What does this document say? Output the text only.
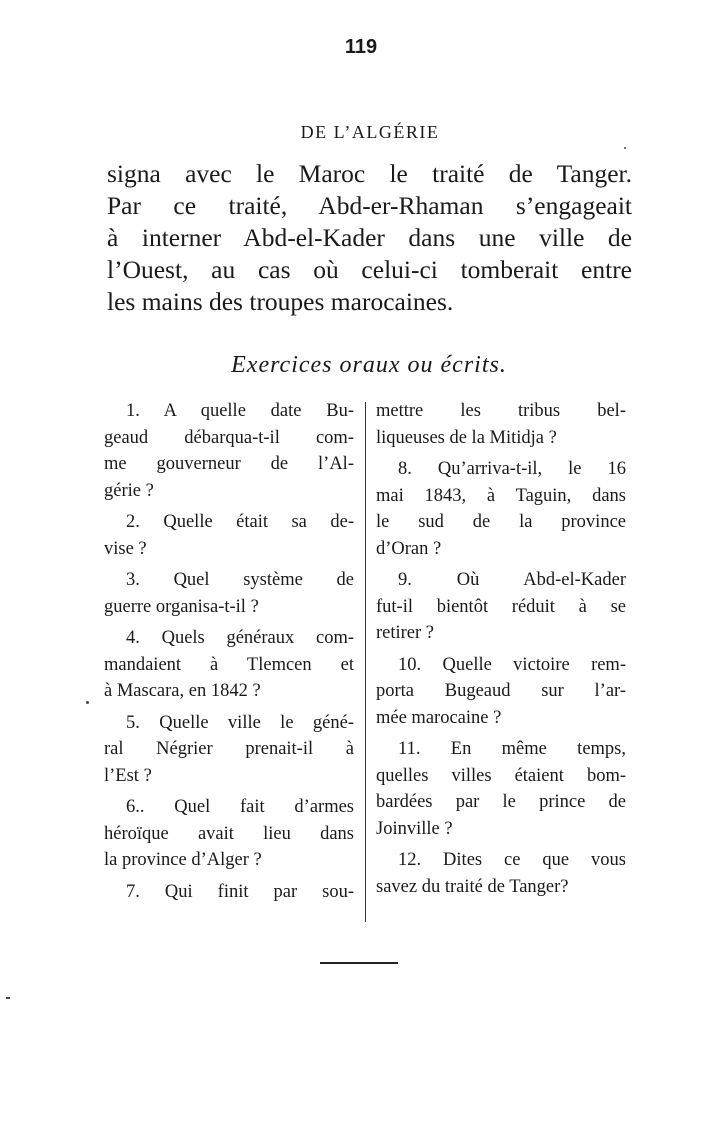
119
DE L’ALGÉRIE
signa avec le Maroc le traité de Tanger.
Par ce traité, Abd-er-Rhaman s’engageait
à interner Abd-el-Kader dans une ville de
l’Ouest, au cas où celui-ci tomberait entre
les mains des troupes marocaines.
Exercices oraux ou écrits.
1. A quelle date Bu-
geaud débarqua-t-il com-
me gouverneur de l’Al-
gérie ?
2. Quelle était sa de-
vise ?
3. Quel système de
guerre organisa-t-il ?
4. Quels généraux com-
mandaient à Tlemcen et
à Mascara, en 1842 ?
5. Quelle ville le géné-
ral Négrier prenait-il à
l’Est ?
6.. Quel fait d’armes
héroïque avait lieu dans
la province d’Alger ?
7. Qui finit par sou-
mettre les tribus bel-
liqueuses de la Mitidja ?
8. Qu’arriva-t-il, le 16
mai 1843, à Taguin, dans
le sud de la province
d’Oran ?
9. Où Abd-el-Kader
fut-il bientôt réduit à se
retirer ?
10. Quelle victoire rem-
porta Bugeaud sur l’ar-
mée marocaine ?
11. En même temps,
quelles villes étaient bom-
bardées par le prince de
Joinville ?
12. Dites ce que vous
savez du traité de Tanger?
